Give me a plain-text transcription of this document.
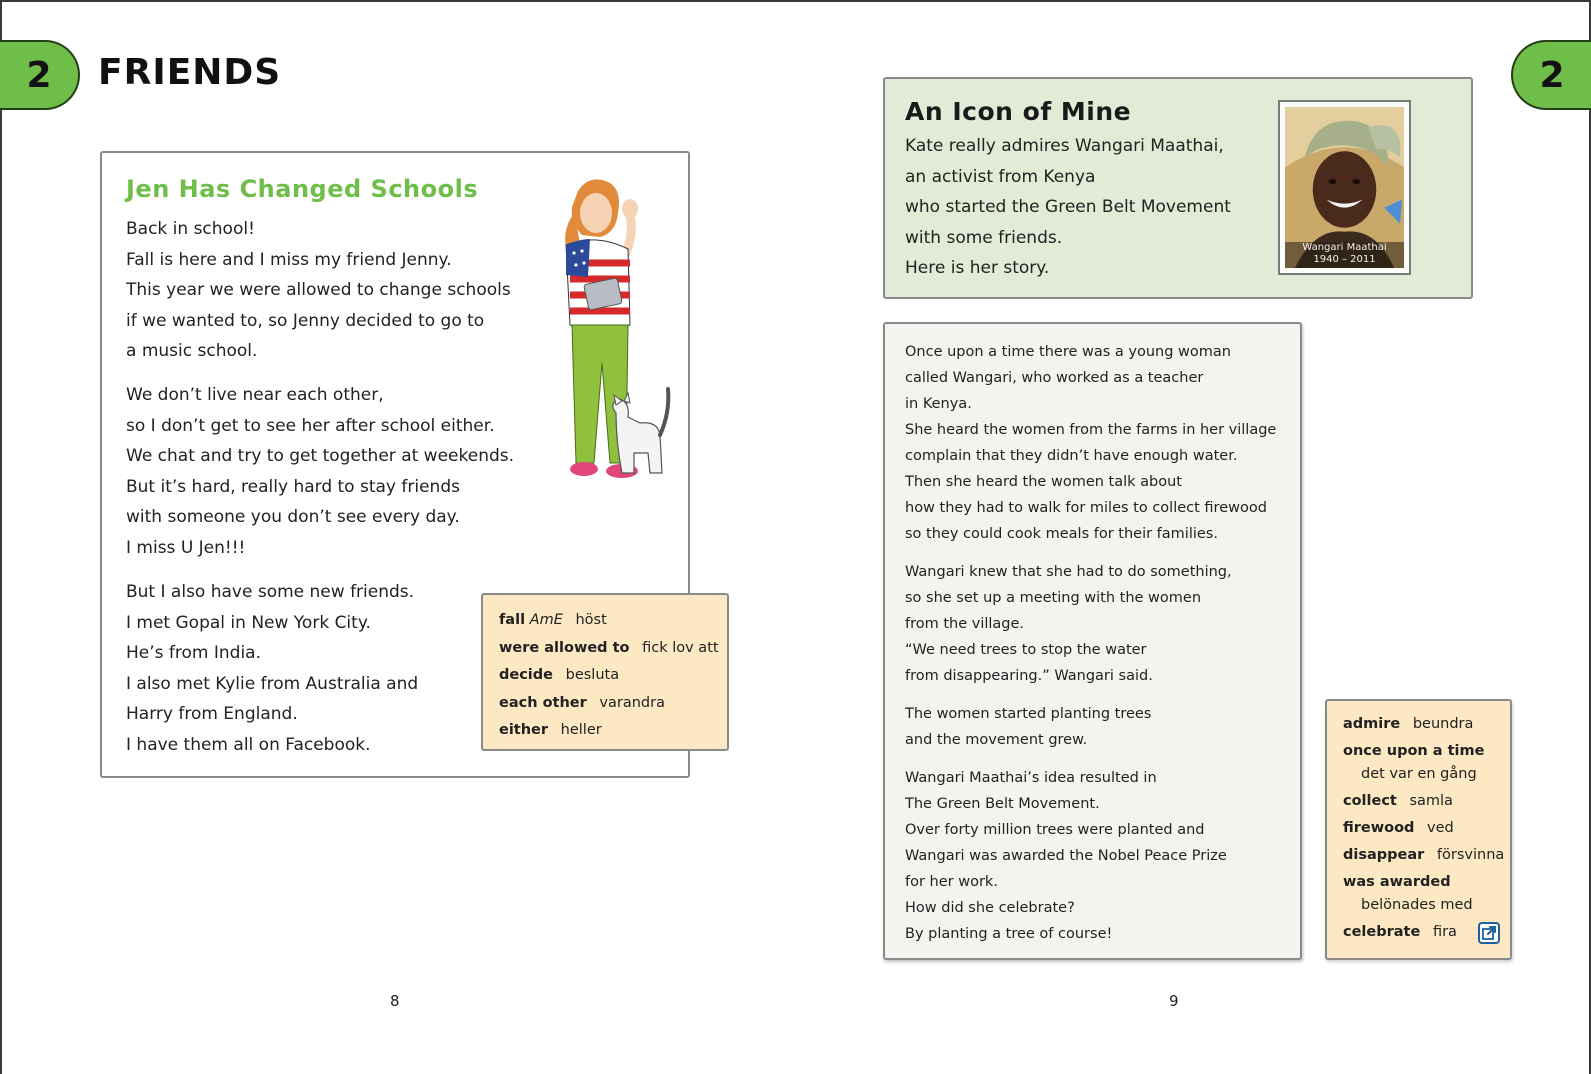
2 FRIENDS
Jen Has Changed Schools
Back in school!
Fall is here and I miss my friend Jenny.
This year we were allowed to change schools
if we wanted to, so Jenny decided to go to
a music school.
We don’t live near each other,
so I don’t get to see her after school either.
We chat and try to get together at weekends.
But it’s hard, really hard to stay friends
with someone you don’t see every day.
I miss U Jen!!!
But I also have some new friends.
I met Gopal in New York City.
He’s from India.
I also met Kylie from Australia and
Harry from England.
I have them all on Facebook.
fall AmE höst
were allowed to fick lov att
decide besluta
each other varandra
either heller
8
2
An Icon of Mine
Kate really admires Wangari Maathai,
an activist from Kenya
who started the Green Belt Movement
with some friends.
Here is her story.
Wangari Maathai
1940 – 2011
Once upon a time there was a young woman
called Wangari, who worked as a teacher
in Kenya.
She heard the women from the farms in her village
complain that they didn’t have enough water.
Then she heard the women talk about
how they had to walk for miles to collect firewood
so they could cook meals for their families.
Wangari knew that she had to do something,
so she set up a meeting with the women
from the village.
“We need trees to stop the water
from disappearing.” Wangari said.
The women started planting trees
and the movement grew.
Wangari Maathai’s idea resulted in
The Green Belt Movement.
Over forty million trees were planted and
Wangari was awarded the Nobel Peace Prize
for her work.
How did she celebrate?
By planting a tree of course!
admire beundra
once upon a time
det var en gång
collect samla
firewood ved
disappear försvinna
was awarded
belönades med
celebrate fira
9
